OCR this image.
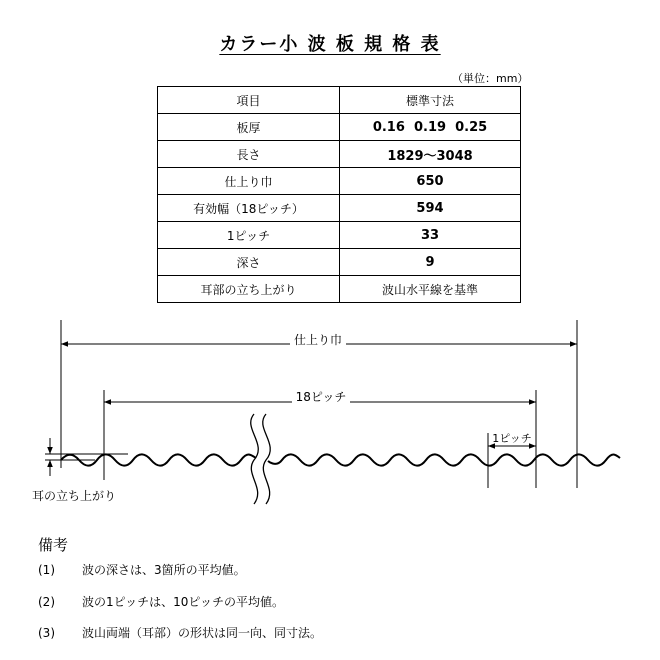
カラー小 波 板 規 格 表
（単位：mm）
項目	標準寸法
板厚	0.16  0.19  0.25
長さ	1829～3048
仕上り巾	650
有効幅（18ピッチ）	594
1ピッチ	33
深さ	9
耳部の立ち上がり	波山水平線を基準
仕上り巾
18ピッチ
1ピッチ
耳の立ち上がり
備考
(1) 波の深さは、3箇所の平均値。
(2) 波の1ピッチは、10ピッチの平均値。
(3) 波山両端（耳部）の形状は同一向、同寸法。
